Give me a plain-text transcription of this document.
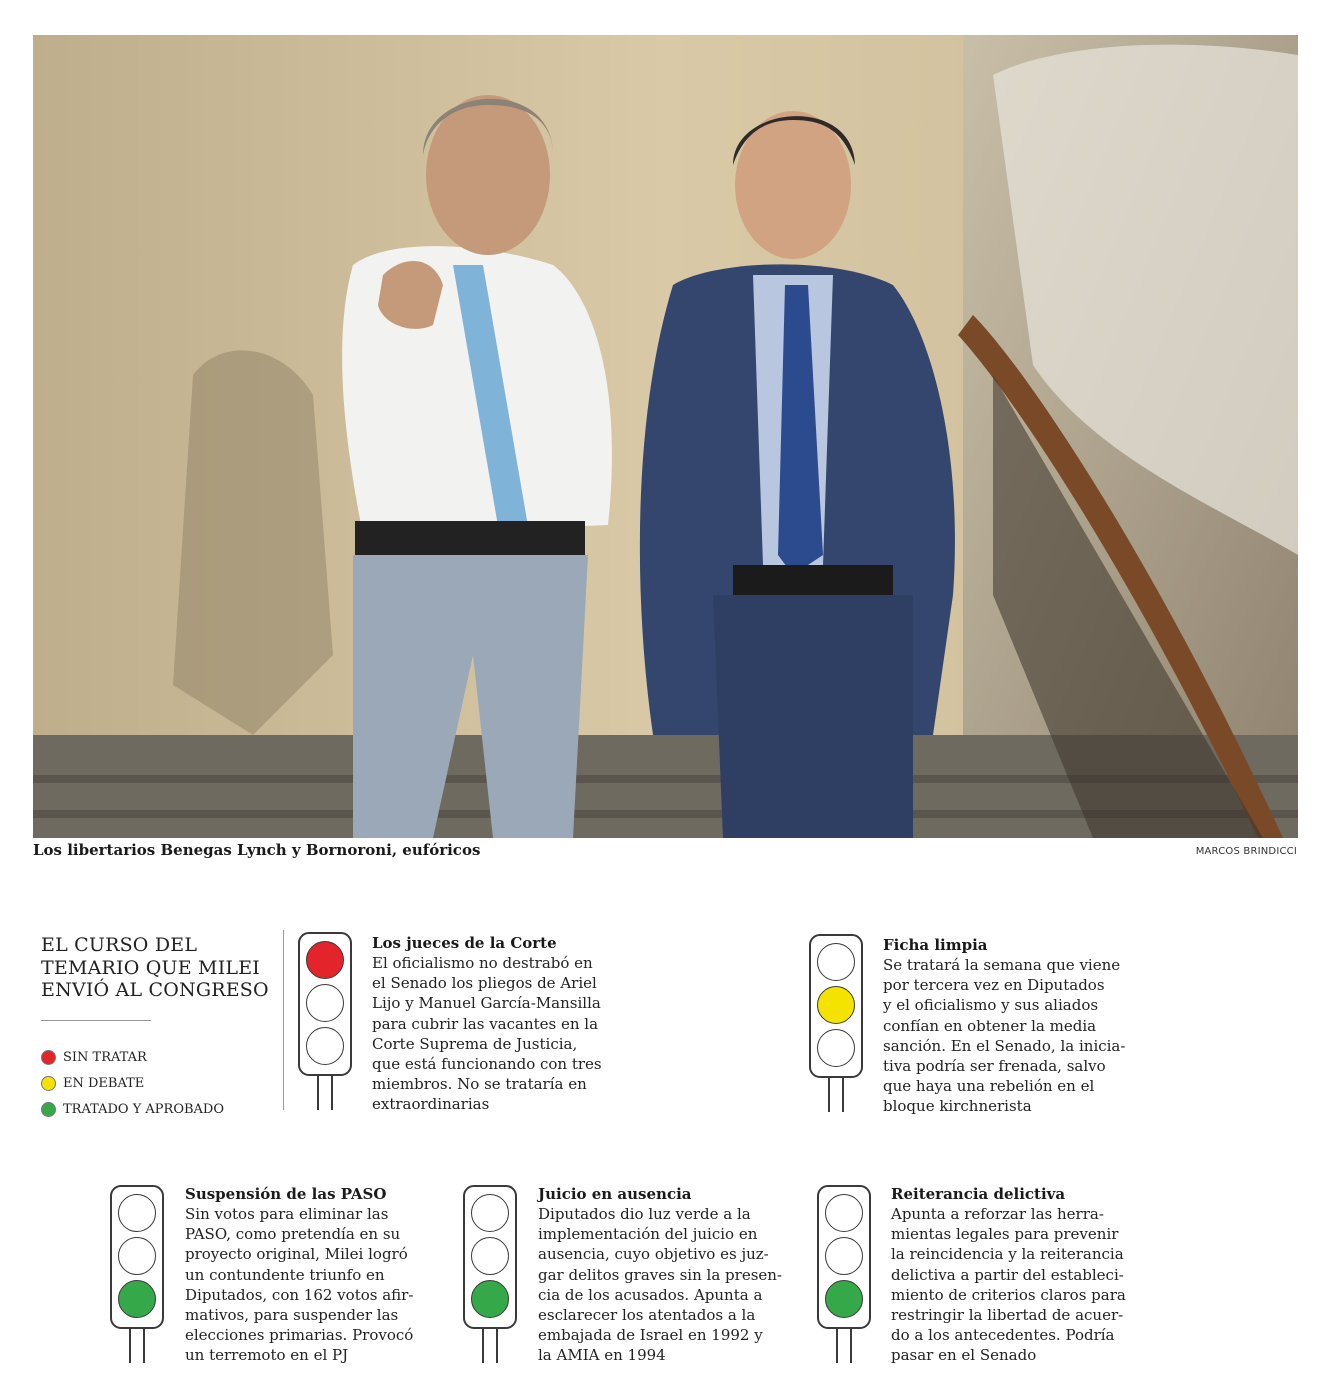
Los libertarios Benegas Lynch y Bornoroni, eufóricos	MARCOS BRINDICCI
EL CURSO DEL
TEMARIO QUE MILEI
ENVIÓ AL CONGRESO
SIN TRATAR
EN DEBATE
TRATADO Y APROBADO
Los jueces de la Corte

El oficialismo no destrabó en
el Senado los pliegos de Ariel
Lijo y Manuel García-Mansilla
para cubrir las vacantes en la
Corte Suprema de Justicia,
que está funcionando con tres
miembros. No se trataría en
extraordinarias

Ficha limpia

Se tratará la semana que viene
por tercera vez en Diputados
y el oficialismo y sus aliados
confían en obtener la media
sanción. En el Senado, la inicia-
tiva podría ser frenada, salvo
que haya una rebelión en el
bloque kirchnerista

Suspensión de las PASO

Sin votos para eliminar las
PASO, como pretendía en su
proyecto original, Milei logró
un contundente triunfo en
Diputados, con 162 votos afir-
mativos, para suspender las
elecciones primarias. Provocó
un terremoto en el PJ

Juicio en ausencia

Diputados dio luz verde a la
implementación del juicio en
ausencia, cuyo objetivo es juz-
gar delitos graves sin la presen-
cia de los acusados. Apunta a
esclarecer los atentados a la
embajada de Israel en 1992 y
la AMIA en 1994

Reiterancia delictiva

Apunta a reforzar las herra-
mientas legales para prevenir
la reincidencia y la reiterancia
delictiva a partir del estableci-
miento de criterios claros para
restringir la libertad de acuer-
do a los antecedentes. Podría
pasar en el Senado
